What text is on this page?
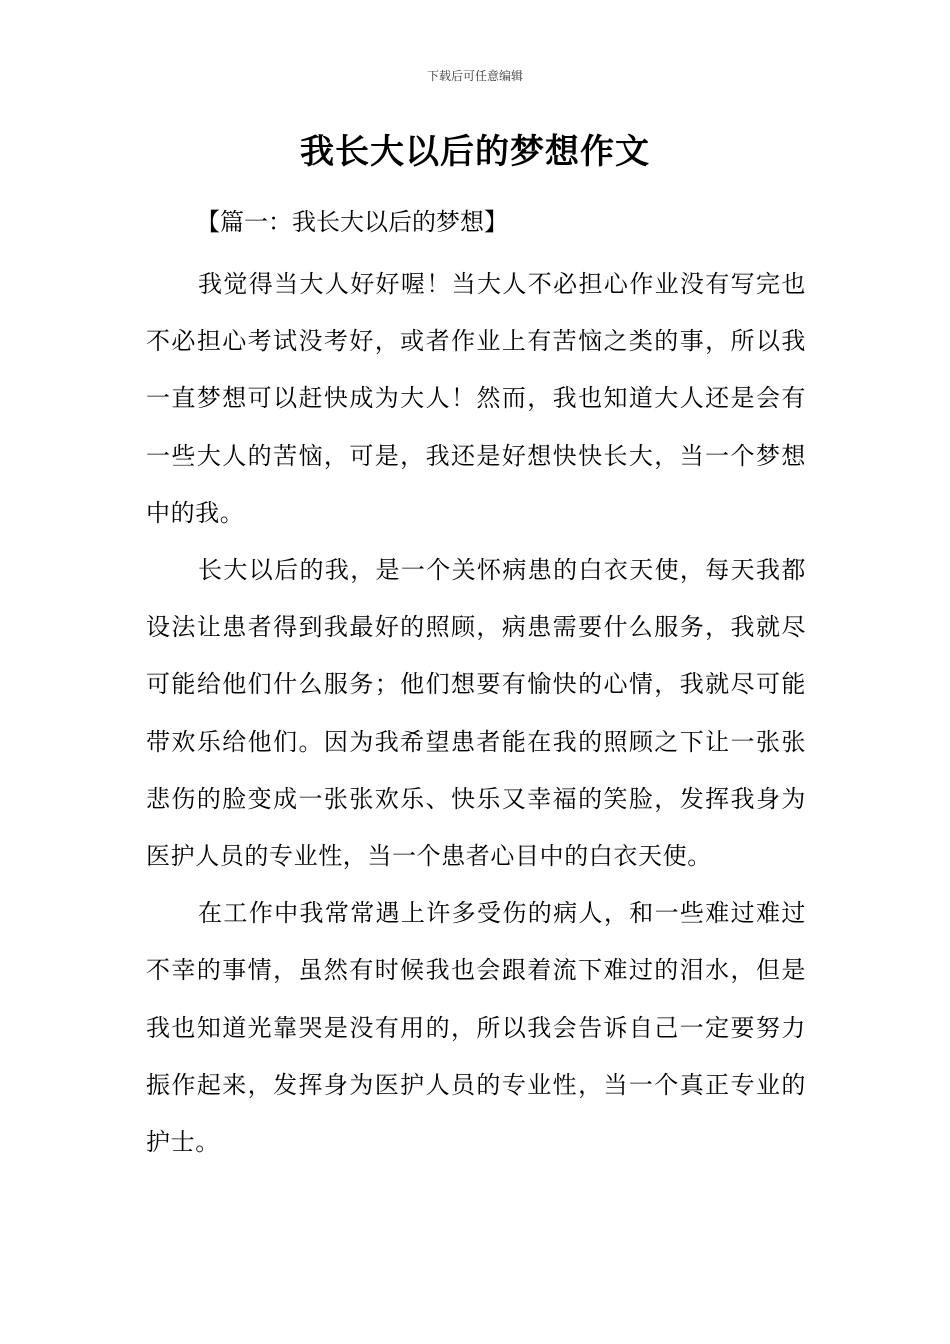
下载后可任意编辑
我长大以后的梦想作文

【篇一：我长大以后的梦想】

我觉得当大人好好喔！当大人不必担心作业没有写完也不必担心考试没考好，或者作业上有苦恼之类的事，所以我一直梦想可以赶快成为大人！然而，我也知道大人还是会有一些大人的苦恼，可是，我还是好想快快长大，当一个梦想中的我。

长大以后的我，是一个关怀病患的白衣天使，每天我都设法让患者得到我最好的照顾，病患需要什么服务，我就尽可能给他们什么服务；他们想要有愉快的心情，我就尽可能带欢乐给他们。因为我希望患者能在我的照顾之下让一张张悲伤的脸变成一张张欢乐、快乐又幸福的笑脸，发挥我身为医护人员的专业性，当一个患者心目中的白衣天使。

在工作中我常常遇上许多受伤的病人，和一些难过难过不幸的事情，虽然有时候我也会跟着流下难过的泪水，但是我也知道光靠哭是没有用的，所以我会告诉自己一定要努力振作起来，发挥身为医护人员的专业性，当一个真正专业的护士。
